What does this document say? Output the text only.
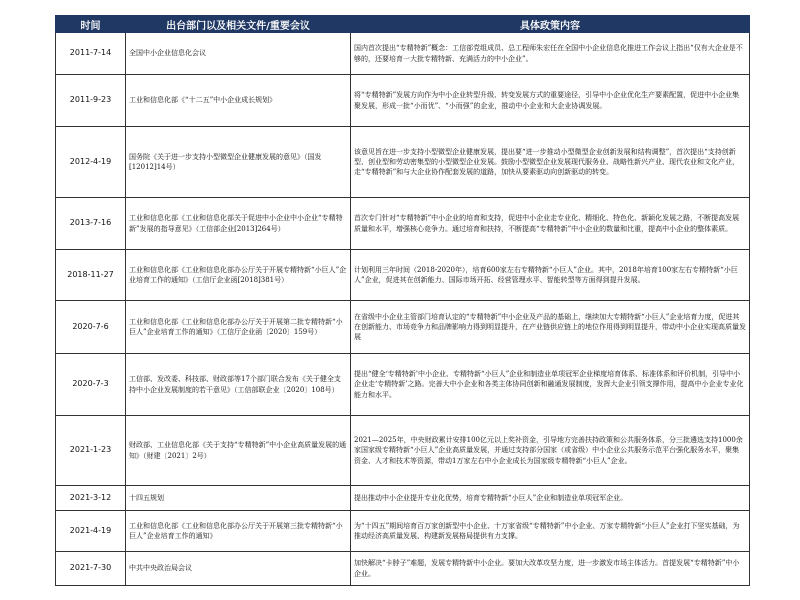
时间	出台部门以及相关文件/重要会议	具体政策内容
2011-7-14	全国中小企业信息化会议	国内首次提出“专精特新”概念：工信部党组成员、总工程师朱宏任在全国中小企业信息化推进工作会议上指出“仅有大企业是不够的，还要培育一大批专精特新、充满活力的中小企业”。
2011-9-23	工业和信息化部《“十二五”中小企业成长规划》	将“专精特新”发展方向作为中小企业转型升级、转变发展方式的重要途径，引导中小企业优化生产要素配置，促进中小企业集聚发展，形成一批“小而优”、“小而强”的企业，推动中小企业和大企业协调发展。
2012-4-19	国务院《关于进一步支持小型微型企业健康发展的意见》（国发[12012]14号）	该意见旨在进一步支持小型微型企业健康发展，提出要“进一步推动小型微型企业创新发展和结构调整”，首次提出“支持创新型、创业型和劳动密集型的小型微型企业发展。鼓励小型微型企业发展现代服务业、战略性新兴产业、现代农业和文化产业，走“专精特新”和与大企业协作配套发展的道路，加快从要素驱动向创新驱动的转变。
2013-7-16	工业和信息化部《工业和信息化部关于促进中小企业中小企业“专精特新”发展的指导意见》（工信部企业[2013]264号）	首次专门针对“专精特新”中小企业的培育和支持，促进中小企业走专业化、精细化、特色化、新颖化发展之路，不断提高发展质量和水平，增强核心竞争力。通过培育和扶持，不断提高“专精特新”中小企业的数量和比重，提高中小企业的整体素质。
2018-11-27	工业和信息化部《工业和信息化部办公厅关于开展专精特新“小巨人”企业培育工作的通知》（工信厅企业函[2018]381号）	计划利用三年时间（2018-2020年），培育600家左右专精特新“小巨人”企业。其中，2018年培育100家左右专精特新“小巨人”企业，促进其在创新能力、国际市场开拓、经营管理水平、智能转型等方面得到提升发展。
2020-7-6	工业和信息化部《工业和信息化部办公厅关于开展第二批专精特新“小巨人”企业培育工作的通知》（工信厅企业函〔2020〕159号）	在省级中小企业主管部门培育认定的“专精特新”中小企业及产品的基础上，继续加大专精特新“小巨人”企业培育力度，促进其在创新能力、市场竞争力和品牌影响力得到明显提升，在产业链供应链上的地位作用得到明显提升，带动中小企业实现高质量发展
2020-7-3	工信部、发改委、科技部、财政部等17个部门联合发布《关于健全支持中小企业发展制度的若干意见》（工信部联企业〔2020〕108号）	提出“健全‘专精特新’中小企业、专精特新“小巨人”企业和制造业单项冠军企业梯度培育体系、标准体系和评价机制，引导中小企业走‘专精特新’之路。完善大中小企业和各类主体协同创新和融通发展制度，发挥大企业引领支撑作用，提高中小企业专业化能力和水平。
2021-1-23	财政部、工业信息化部《关于支持“专精特新”中小企业高质量发展的通知》（财建〔2021〕2号）	2021—2025年，中央财政累计安排100亿元以上奖补资金，引导地方完善扶持政策和公共服务体系，分三批遴选支持1000余家国家级专精特新“小巨人”企业高质量发展，并通过支持部分国家（或省级）中小企业公共服务示范平台强化服务水平，聚集资金、人才和技术等资源，带动1万家左右中小企业成长为国家级专精特新“小巨人”企业。
2021-3-12	十四五规划	提出推动中小企业提升专业化优势，培育专精特新“小巨人”企业和制造业单项冠军企业。
2021-4-19	工业和信息化部《工业和信息化部办公厅关于开展第三批专精特新“小巨人”企业培育工作的通知》	为“十四五”期间培育百万家创新型中小企业、十万家省级“专精特新”中小企业、万家专精特新“小巨人”企业打下坚实基础，为推动经济高质量发展、构建新发展格局提供有力支撑。
2021-7-30	中共中央政治局会议	加快解决“卡脖子”难题，发展专精特新中小企业。要加大改革攻坚力度，进一步激发市场主体活力。首提发展“专精特新”中小企业。
